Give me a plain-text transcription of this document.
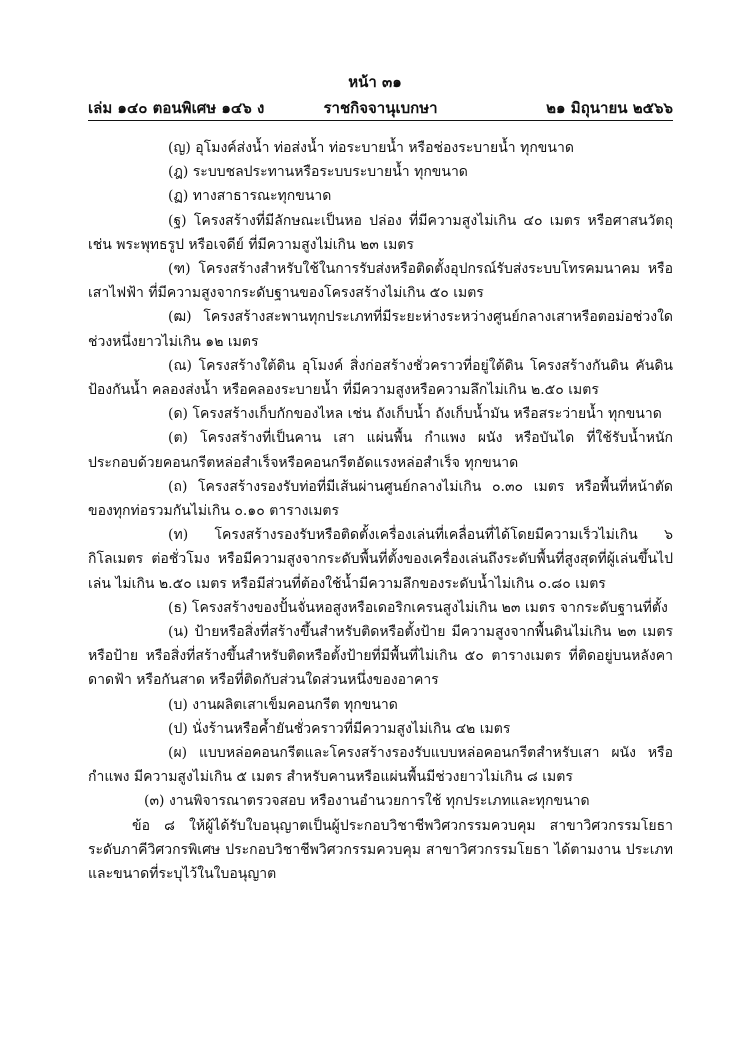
หน้า ๓๑
เล่ม ๑๔๐ ตอนพิเศษ ๑๔๖ ง	ราชกิจจานุเบกษา	๒๑ มิถุนายน ๒๕๖๖

(ญ) อุโมงค์ส่งน้ำ ท่อส่งน้ำ ท่อระบายน้ำ หรือช่องระบายน้ำ ทุกขนาด

(ฎ) ระบบชลประทานหรือระบบระบายน้ำ ทุกขนาด

(ฏ) ทางสาธารณะทุกขนาด

(ฐ) โครงสร้างที่มีลักษณะเป็นหอ ปล่อง ที่มีความสูงไม่เกิน ๔๐ เมตร หรือศาสนวัตถุ เช่น พระพุทธรูป หรือเจดีย์ ที่มีความสูงไม่เกิน ๒๓ เมตร

(ฑ) โครงสร้างสำหรับใช้ในการรับส่งหรือติดตั้งอุปกรณ์รับส่งระบบโทรคมนาคม หรือเสาไฟฟ้า ที่มีความสูงจากระดับฐานของโครงสร้างไม่เกิน ๕๐ เมตร

(ฒ) โครงสร้างสะพานทุกประเภทที่มีระยะห่างระหว่างศูนย์กลางเสาหรือตอม่อช่วงใด ช่วงหนึ่งยาวไม่เกิน ๑๒ เมตร

(ณ) โครงสร้างใต้ดิน อุโมงค์ สิ่งก่อสร้างชั่วคราวที่อยู่ใต้ดิน โครงสร้างกันดิน คันดินป้องกันน้ำ คลองส่งน้ำ หรือคลองระบายน้ำ ที่มีความสูงหรือความลึกไม่เกิน ๒.๕๐ เมตร

(ด) โครงสร้างเก็บกักของไหล เช่น ถังเก็บน้ำ ถังเก็บน้ำมัน หรือสระว่ายน้ำ ทุกขนาด

(ต) โครงสร้างที่เป็นคาน เสา แผ่นพื้น กำแพง ผนัง หรือบันได ที่ใช้รับน้ำหนัก ประกอบด้วยคอนกรีตหล่อสำเร็จหรือคอนกรีตอัดแรงหล่อสำเร็จ ทุกขนาด

(ถ) โครงสร้างรองรับท่อที่มีเส้นผ่านศูนย์กลางไม่เกิน ๐.๓๐ เมตร หรือพื้นที่หน้าตัด ของทุกท่อรวมกันไม่เกิน ๐.๑๐ ตารางเมตร

(ท) โครงสร้างรองรับหรือติดตั้งเครื่องเล่นที่เคลื่อนที่ได้โดยมีความเร็วไม่เกิน ๖ กิโลเมตร ต่อชั่วโมง หรือมีความสูงจากระดับพื้นที่ตั้งของเครื่องเล่นถึงระดับพื้นที่สูงสุดที่ผู้เล่นขึ้นไปเล่น ไม่เกิน ๒.๕๐ เมตร หรือมีส่วนที่ต้องใช้น้ำมีความลึกของระดับน้ำไม่เกิน ๐.๘๐ เมตร

(ธ) โครงสร้างของปั้นจั่นหอสูงหรือเดอริกเครนสูงไม่เกิน ๒๓ เมตร จากระดับฐานที่ตั้ง

(น) ป้ายหรือสิ่งที่สร้างขึ้นสำหรับติดหรือตั้งป้าย มีความสูงจากพื้นดินไม่เกิน ๒๓ เมตร หรือป้าย หรือสิ่งที่สร้างขึ้นสำหรับติดหรือตั้งป้ายที่มีพื้นที่ไม่เกิน ๕๐ ตารางเมตร ที่ติดอยู่บนหลังคา ดาดฟ้า หรือกันสาด หรือที่ติดกับส่วนใดส่วนหนึ่งของอาคาร

(บ) งานผลิตเสาเข็มคอนกรีต ทุกขนาด

(ป) นั่งร้านหรือค้ำยันชั่วคราวที่มีความสูงไม่เกิน ๔๒ เมตร

(ผ) แบบหล่อคอนกรีตและโครงสร้างรองรับแบบหล่อคอนกรีตสำหรับเสา ผนัง หรือกำแพง มีความสูงไม่เกิน ๕ เมตร สำหรับคานหรือแผ่นพื้นมีช่วงยาวไม่เกิน ๘ เมตร

(๓) งานพิจารณาตรวจสอบ หรืองานอำนวยการใช้ ทุกประเภทและทุกขนาด

ข้อ ๘ ให้ผู้ได้รับใบอนุญาตเป็นผู้ประกอบวิชาชีพวิศวกรรมควบคุม สาขาวิศวกรรมโยธา ระดับภาคีวิศวกรพิเศษ ประกอบวิชาชีพวิศวกรรมควบคุม สาขาวิศวกรรมโยธา ได้ตามงาน ประเภท และขนาดที่ระบุไว้ในใบอนุญาต
